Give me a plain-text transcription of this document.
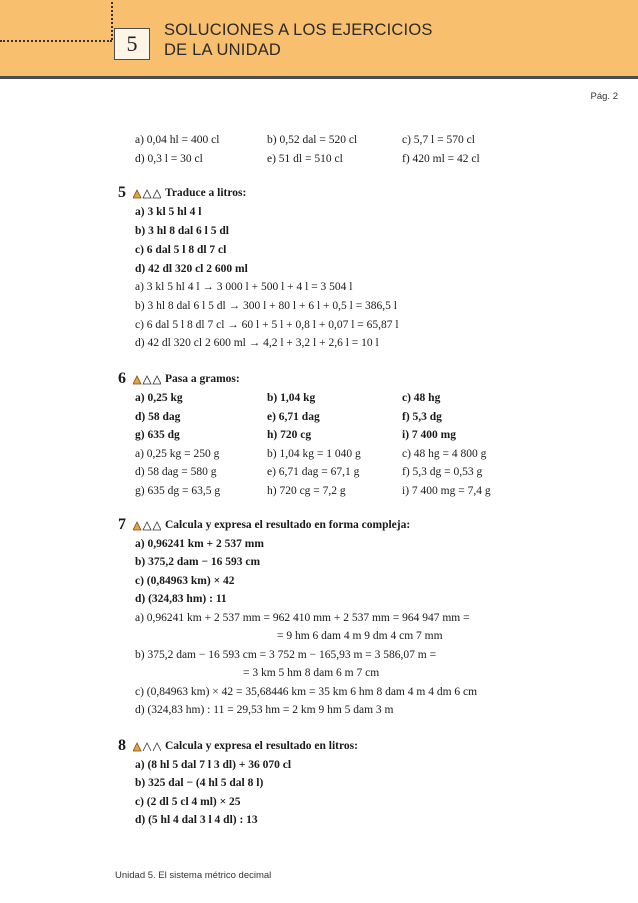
5
SOLUCIONES A LOS EJERCICIOS
DE LA UNIDAD
Pág. 2
a) 0,04 hl = 400 cl	b) 0,52 dal = 520 cl	c) 5,7 l = 570 cl
d) 0,3 l = 30 cl	e) 51 dl = 510 cl	f) 420 ml = 42 cl
5	Traduce a litros:
a) 3 kl 5 hl 4 l
b) 3 hl 8 dal 6 l 5 dl
c) 6 dal 5 l 8 dl 7 cl
d) 42 dl 320 cl 2 600 ml
a) 3 kl 5 hl 4 l → 3 000 l + 500 l + 4 l = 3 504 l
b) 3 hl 8 dal 6 l 5 dl → 300 l + 80 l + 6 l + 0,5 l = 386,5 l
c) 6 dal 5 l 8 dl 7 cl → 60 l + 5 l + 0,8 l + 0,07 l = 65,87 l
d) 42 dl 320 cl 2 600 ml → 4,2 l + 3,2 l + 2,6 l = 10 l
6	Pasa a gramos:
a) 0,25 kg	b) 1,04 kg	c) 48 hg
d) 58 dag	e) 6,71 dag	f) 5,3 dg
g) 635 dg	h) 720 cg	i) 7 400 mg
a) 0,25 kg = 250 g	b) 1,04 kg = 1 040 g	c) 48 hg = 4 800 g
d) 58 dag = 580 g	e) 6,71 dag = 67,1 g	f) 5,3 dg = 0,53 g
g) 635 dg = 63,5 g	h) 720 cg = 7,2 g	i) 7 400 mg = 7,4 g
7	Calcula y expresa el resultado en forma compleja:
a) 0,96241 km + 2 537 mm
b) 375,2 dam − 16 593 cm
c) (0,84963 km) × 42
d) (324,83 hm) : 11
a) 0,96241 km + 2 537 mm = 962 410 mm + 2 537 mm = 964 947 mm =
= 9 hm 6 dam 4 m 9 dm 4 cm 7 mm
b) 375,2 dam − 16 593 cm = 3 752 m − 165,93 m = 3 586,07 m =
= 3 km 5 hm 8 dam 6 m 7 cm
c) (0,84963 km) × 42 = 35,68446 km = 35 km 6 hm 8 dam 4 m 4 dm 6 cm
d) (324,83 hm) : 11 = 29,53 hm = 2 km 9 hm 5 dam 3 m
8	Calcula y expresa el resultado en litros:
a) (8 hl 5 dal 7 l 3 dl) + 36 070 cl
b) 325 dal − (4 hl 5 dal 8 l)
c) (2 dl 5 cl 4 ml) × 25
d) (5 hl 4 dal 3 l 4 dl) : 13
Unidad 5. El sistema métrico decimal
